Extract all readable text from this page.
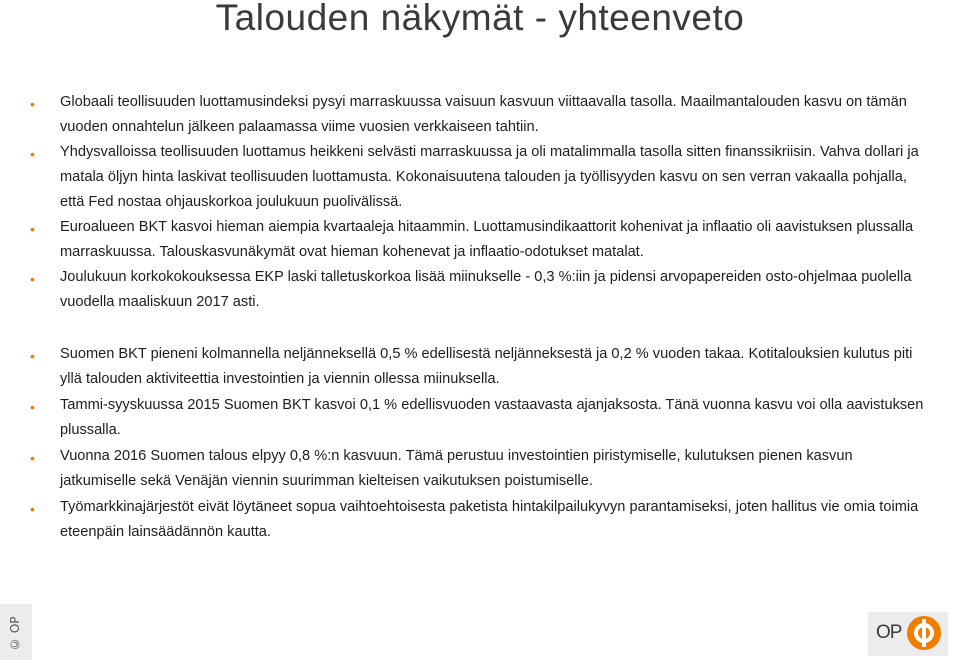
Talouden näkymät - yhteenveto
• Globaali teollisuuden luottamusindeksi pysyi marraskuussa vaisuun kasvuun viittaavalla tasolla. Maailmantalouden kasvu on tämän vuoden onnahtelun jälkeen palaamassa viime vuosien verkkaiseen tahtiin.
• Yhdysvalloissa teollisuuden luottamus heikkeni selvästi marraskuussa ja oli matalimmalla tasolla sitten finanssikriisin. Vahva dollari ja matala öljyn hinta laskivat teollisuuden luottamusta. Kokonaisuutena talouden ja työllisyyden kasvu on sen verran vakaalla pohjalla, että Fed nostaa ohjauskorkoa joulukuun puolivälissä.
• Euroalueen BKT kasvoi hieman aiempia kvartaaleja hitaammin. Luottamusindikaattorit kohenivat ja inflaatio oli aavistuksen plussalla marraskuussa. Talouskasvunäkymät ovat hieman kohenevat ja inflaatio-odotukset matalat.
• Joulukuun korkokokouksessa EKP laski talletuskorkoa lisää miinukselle - 0,3 %:iin ja pidensi arvopapereiden osto-ohjelmaa puolella vuodella maaliskuun 2017 asti.
• Suomen BKT pieneni kolmannella neljänneksellä 0,5 % edellisestä neljänneksestä ja 0,2 % vuoden takaa. Kotitalouksien kulutus piti yllä talouden aktiviteettia investointien ja viennin ollessa miinuksella.
• Tammi-syyskuussa 2015 Suomen BKT kasvoi 0,1 % edellisvuoden vastaavasta ajanjaksosta. Tänä vuonna kasvu voi olla aavistuksen plussalla.
• Vuonna 2016 Suomen talous elpyy 0,8 %:n kasvuun. Tämä perustuu investointien piristymiselle, kulutuksen pienen kasvun jatkumiselle sekä Venäjän viennin suurimman kielteisen vaikutuksen poistumiselle.
• Työmarkkinajärjestöt eivät löytäneet sopua vaihtoehtoisesta paketista hintakilpailukyvyn parantamiseksi, joten hallitus vie omia toimia eteenpäin lainsäädännön kautta.
© OP	OP
